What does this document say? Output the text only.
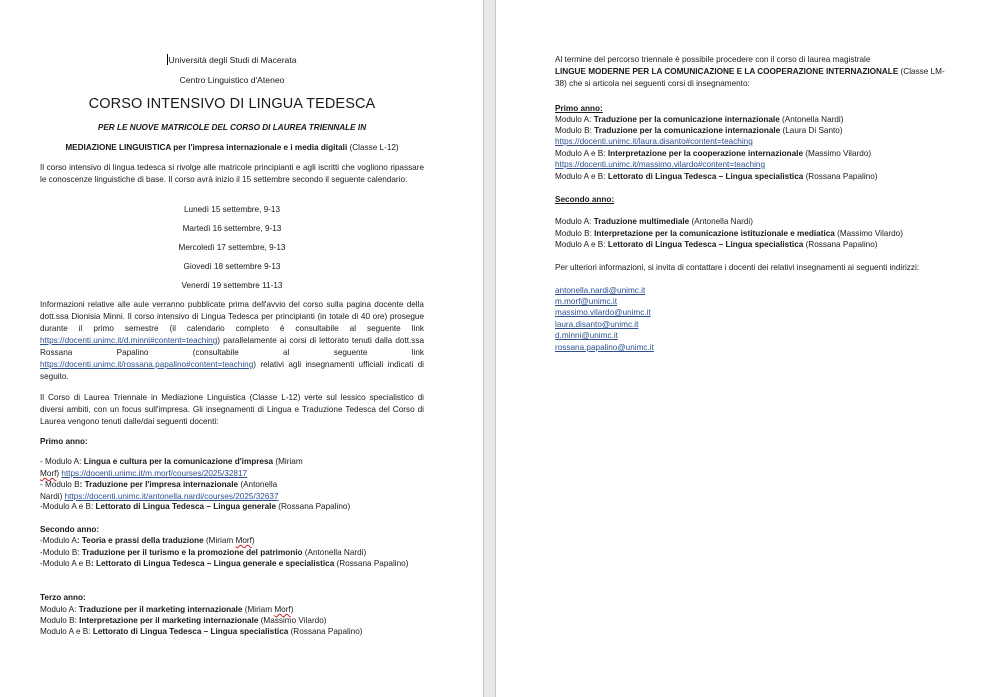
Università degli Studi di Macerata

Centro Linguistico d'Ateneo

CORSO INTENSIVO DI LINGUA TEDESCA

PER LE NUOVE MATRICOLE DEL CORSO DI LAUREA TRIENNALE IN

MEDIAZIONE LINGUISTICA per l'impresa internazionale e i media digitali (Classe L-12)

Il corso intensivo di lingua tedesca si rivolge alle matricole principianti e agli iscritti che vogliono ripassare le conoscenze linguistiche di base. Il corso avrà inizio il 15 settembre secondo il seguente calendario:

Lunedì 15 settembre, 9-13

Martedì 16 settembre, 9-13

Mercoledì 17 settembre, 9-13

Giovedì 18 settembre 9-13

Venerdì 19 settembre 11-13

Informazioni relative alle aule verranno pubblicate prima dell'avvio del corso sulla pagina docente della dott.ssa Dionisia Minni. Il corso intensivo di Lingua Tedesca per principianti (in totale di 40 ore) prosegue durante il primo semestre (il calendario completo è consultabile al seguente link https://docenti.unimc.it/d.minni#content=teaching) parallelamente ai corsi di lettorato tenuti dalla dott.ssa Rossana Papalino (consultabile al seguente link https://docenti.unimc.it/rossana.papalino#content=teaching) relativi agli insegnamenti ufficiali indicati di seguito.

Il Corso di Laurea Triennale in Mediazione Linguistica (Classe L-12) verte sul lessico specialistico di diversi ambiti, con un focus sull'impresa. Gli insegnamenti di Lingua e Traduzione Tedesca del Corso di Laurea vengono tenuti dalle/dai seguenti docenti:

Primo anno:

- Modulo A: Lingua e cultura per la comunicazione d'impresa (Miriam
Morf) https://docenti.unimc.it/m.morf/courses/2025/32817

- Modulo B: Traduzione per l'impresa internazionale (Antonella
Nardi) https://docenti.unimc.it/antonella.nardi/courses/2025/32637

-Modulo A e B: Lettorato di Lingua Tedesca – Lingua generale (Rossana Papalino)

Secondo anno:

-Modulo A: Teoria e prassi della traduzione (Miriam Morf)

-Modulo B: Traduzione per il turismo e la promozione del patrimonio (Antonella Nardi)

-Modulo A e B: Lettorato di Lingua Tedesca – Lingua generale e specialistica (Rossana Papalino)

Terzo anno:

Modulo A: Traduzione per il marketing internazionale (Miriam Morf)

Modulo B: Interpretazione per il marketing internazionale (Massimo Vilardo)

Modulo A e B: Lettorato di Lingua Tedesca – Lingua specialistica (Rossana Papalino)

Al termine del percorso triennale è possibile procedere con il corso di laurea magistrale
LINGUE MODERNE PER LA COMUNICAZIONE E LA COOPERAZIONE INTERNAZIONALE (Classe LM-38) che si articola nei seguenti corsi di insegnamento:

Primo anno:

Modulo A: Traduzione per la comunicazione internazionale (Antonella Nardi)

Modulo B: Traduzione per la comunicazione internazionale (Laura Di Santo)

https://docenti.unimc.it/laura.disanto#content=teaching

Modulo A e B: Interpretazione per la cooperazione internazionale (Massimo Vilardo)

https://docenti.unimc.it/massimo.vilardo#content=teaching

Modulo A e B: Lettorato di Lingua Tedesca – Lingua specialistica (Rossana Papalino)

Secondo anno:

Modulo A: Traduzione multimediale (Antonella Nardi)

Modulo B: Interpretazione per la comunicazione istituzionale e mediatica (Massimo Vilardo)

Modulo A e B: Lettorato di Lingua Tedesca – Lingua specialistica (Rossana Papalino)

Per ulteriori informazioni, si invita di contattare i docenti dei relativi insegnamenti ai seguenti indirizzi:

antonella.nardi@unimc.it

m.morf@unimc.it

massimo.vilardo@unimc.it

laura.disanto@unimc.it

d.minni@unimc.it

rossana.papalino@unimc.it
